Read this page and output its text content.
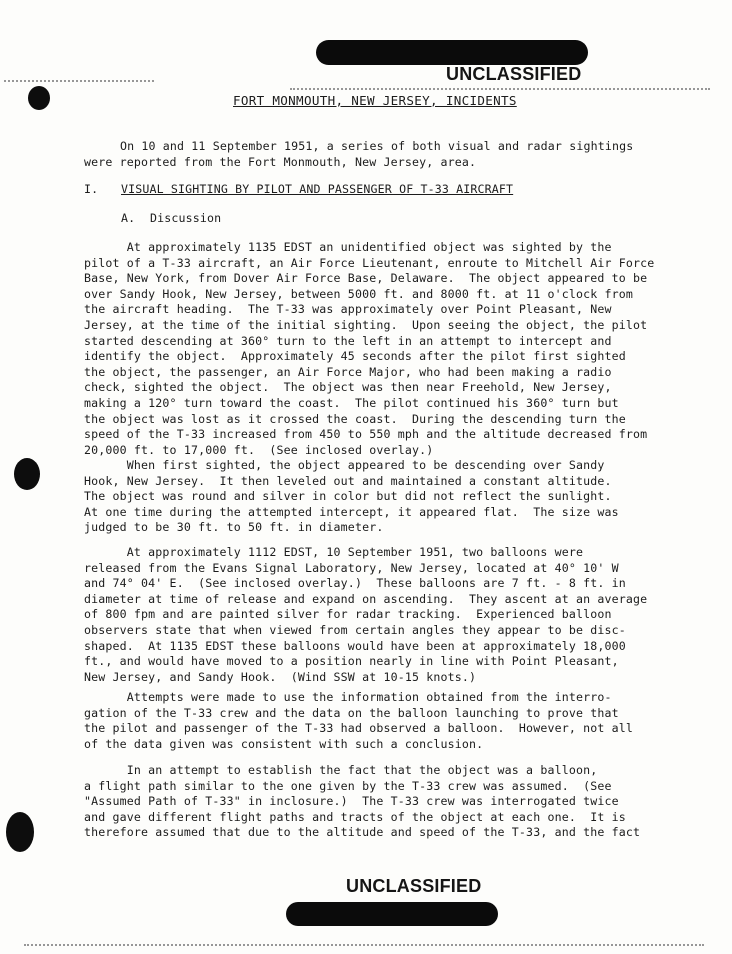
UNCLASSIFIED
FORT MONMOUTH, NEW JERSEY, INCIDENTS

On 10 and 11 September 1951, a series of both visual and radar sightings

were reported from the Fort Monmouth, New Jersey, area.

I. VISUAL SIGHTING BY PILOT AND PASSENGER OF T-33 AIRCRAFT
A. Discussion

At approximately 1135 EDST an unidentified object was sighted by the

pilot of a T-33 aircraft, an Air Force Lieutenant, enroute to Mitchell Air Force

Base, New York, from Dover Air Force Base, Delaware.  The object appeared to be

over Sandy Hook, New Jersey, between 5000 ft. and 8000 ft. at 11 o'clock from

the aircraft heading.  The T-33 was approximately over Point Pleasant, New

Jersey, at the time of the initial sighting.  Upon seeing the object, the pilot

started descending at 360° turn to the left in an attempt to intercept and

identify the object.  Approximately 45 seconds after the pilot first sighted

the object, the passenger, an Air Force Major, who had been making a radio

check, sighted the object.  The object was then near Freehold, New Jersey,

making a 120° turn toward the coast.  The pilot continued his 360° turn but

the object was lost as it crossed the coast.  During the descending turn the

speed of the T-33 increased from 450 to 550 mph and the altitude decreased from

20,000 ft. to 17,000 ft.  (See inclosed overlay.)

When first sighted, the object appeared to be descending over Sandy

Hook, New Jersey.  It then leveled out and maintained a constant altitude.

The object was round and silver in color but did not reflect the sunlight.

At one time during the attempted intercept, it appeared flat.  The size was

judged to be 30 ft. to 50 ft. in diameter.

At approximately 1112 EDST, 10 September 1951, two balloons were

released from the Evans Signal Laboratory, New Jersey, located at 40° 10' W

and 74° 04' E.  (See inclosed overlay.)  These balloons are 7 ft. - 8 ft. in

diameter at time of release and expand on ascending.  They ascent at an average

of 800 fpm and are painted silver for radar tracking.  Experienced balloon

observers state that when viewed from certain angles they appear to be disc-

shaped.  At 1135 EDST these balloons would have been at approximately 18,000

ft., and would have moved to a position nearly in line with Point Pleasant,

New Jersey, and Sandy Hook.  (Wind SSW at 10-15 knots.)

Attempts were made to use the information obtained from the interro-

gation of the T-33 crew and the data on the balloon launching to prove that

the pilot and passenger of the T-33 had observed a balloon.  However, not all

of the data given was consistent with such a conclusion.

In an attempt to establish the fact that the object was a balloon,

a flight path similar to the one given by the T-33 crew was assumed.  (See

"Assumed Path of T-33" in inclosure.)  The T-33 crew was interrogated twice

and gave different flight paths and tracts of the object at each one.  It is

therefore assumed that due to the altitude and speed of the T-33, and the fact

UNCLASSIFIED
